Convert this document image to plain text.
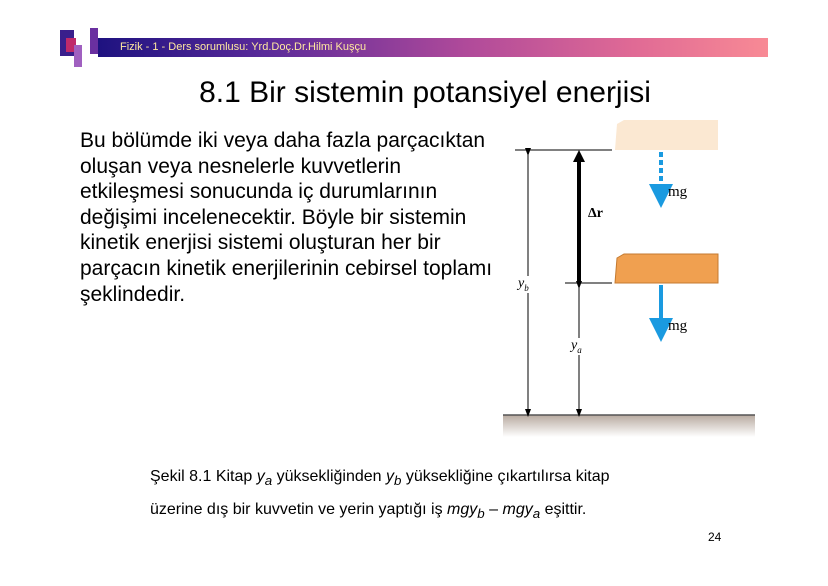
Fizik - 1 - Ders sorumlusu: Yrd.Doç.Dr.Hilmi Kuşçu
8.1 Bir sistemin potansiyel enerjisi
Bu bölümde iki veya daha fazla parçacıktan oluşan veya nesnelerle kuvvetlerin etkileşmesi sonucunda iç durumlarının değişimi incelenecektir. Böyle bir sistemin kinetik enerjisi sistemi oluşturan her bir parçacın kinetik enerjilerinin cebirsel toplamı şeklindedir.
mg
mg
Δr
$y_b$
$y_a$
Şekil 8.1 Kitap $y_a$ yüksekliğinden $y_b$ yüksekliğine çıkartılırsa kitap
üzerine dış bir kuvvetin ve yerin yaptığı iş mgy$_b$ – mgy$_a$ eşittir.
24
